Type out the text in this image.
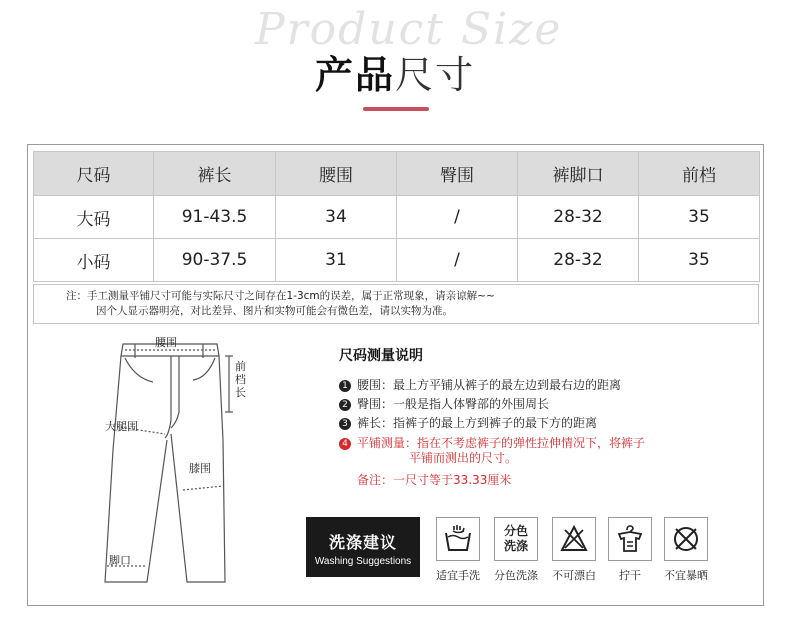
Product Size
产品尺寸
尺码	裤长	腰围	臀围	裤脚口	前档
大码	91-43.5	34	/	28-32	35
小码	90-37.5	31	/	28-32	35
注：手工测量平铺尺寸可能与实际尺寸之间存在1-3cm的误差，属于正常现象，请亲谅解~~
因个人显示器明亮，对比差异、图片和实物可能会有微色差，请以实物为准。
腰围
前档长
大腿围
膝围
脚口
尺码测量说明
1 腰围：最上方平铺从裤子的最左边到最右边的距离
2 臀围：一般是指人体臀部的外围周长
3 裤长：指裤子的最上方到裤子的最下方的距离
4 平铺测量：指在不考虑裤子的弹性拉伸情况下，将裤子
平铺而测出的尺寸。
备注：一尺寸等于33.33厘米
洗涤建议
Washing Suggestions
适宜手洗
分色洗涤
分色洗涤	不可漂白	拧干	不宜暴晒
